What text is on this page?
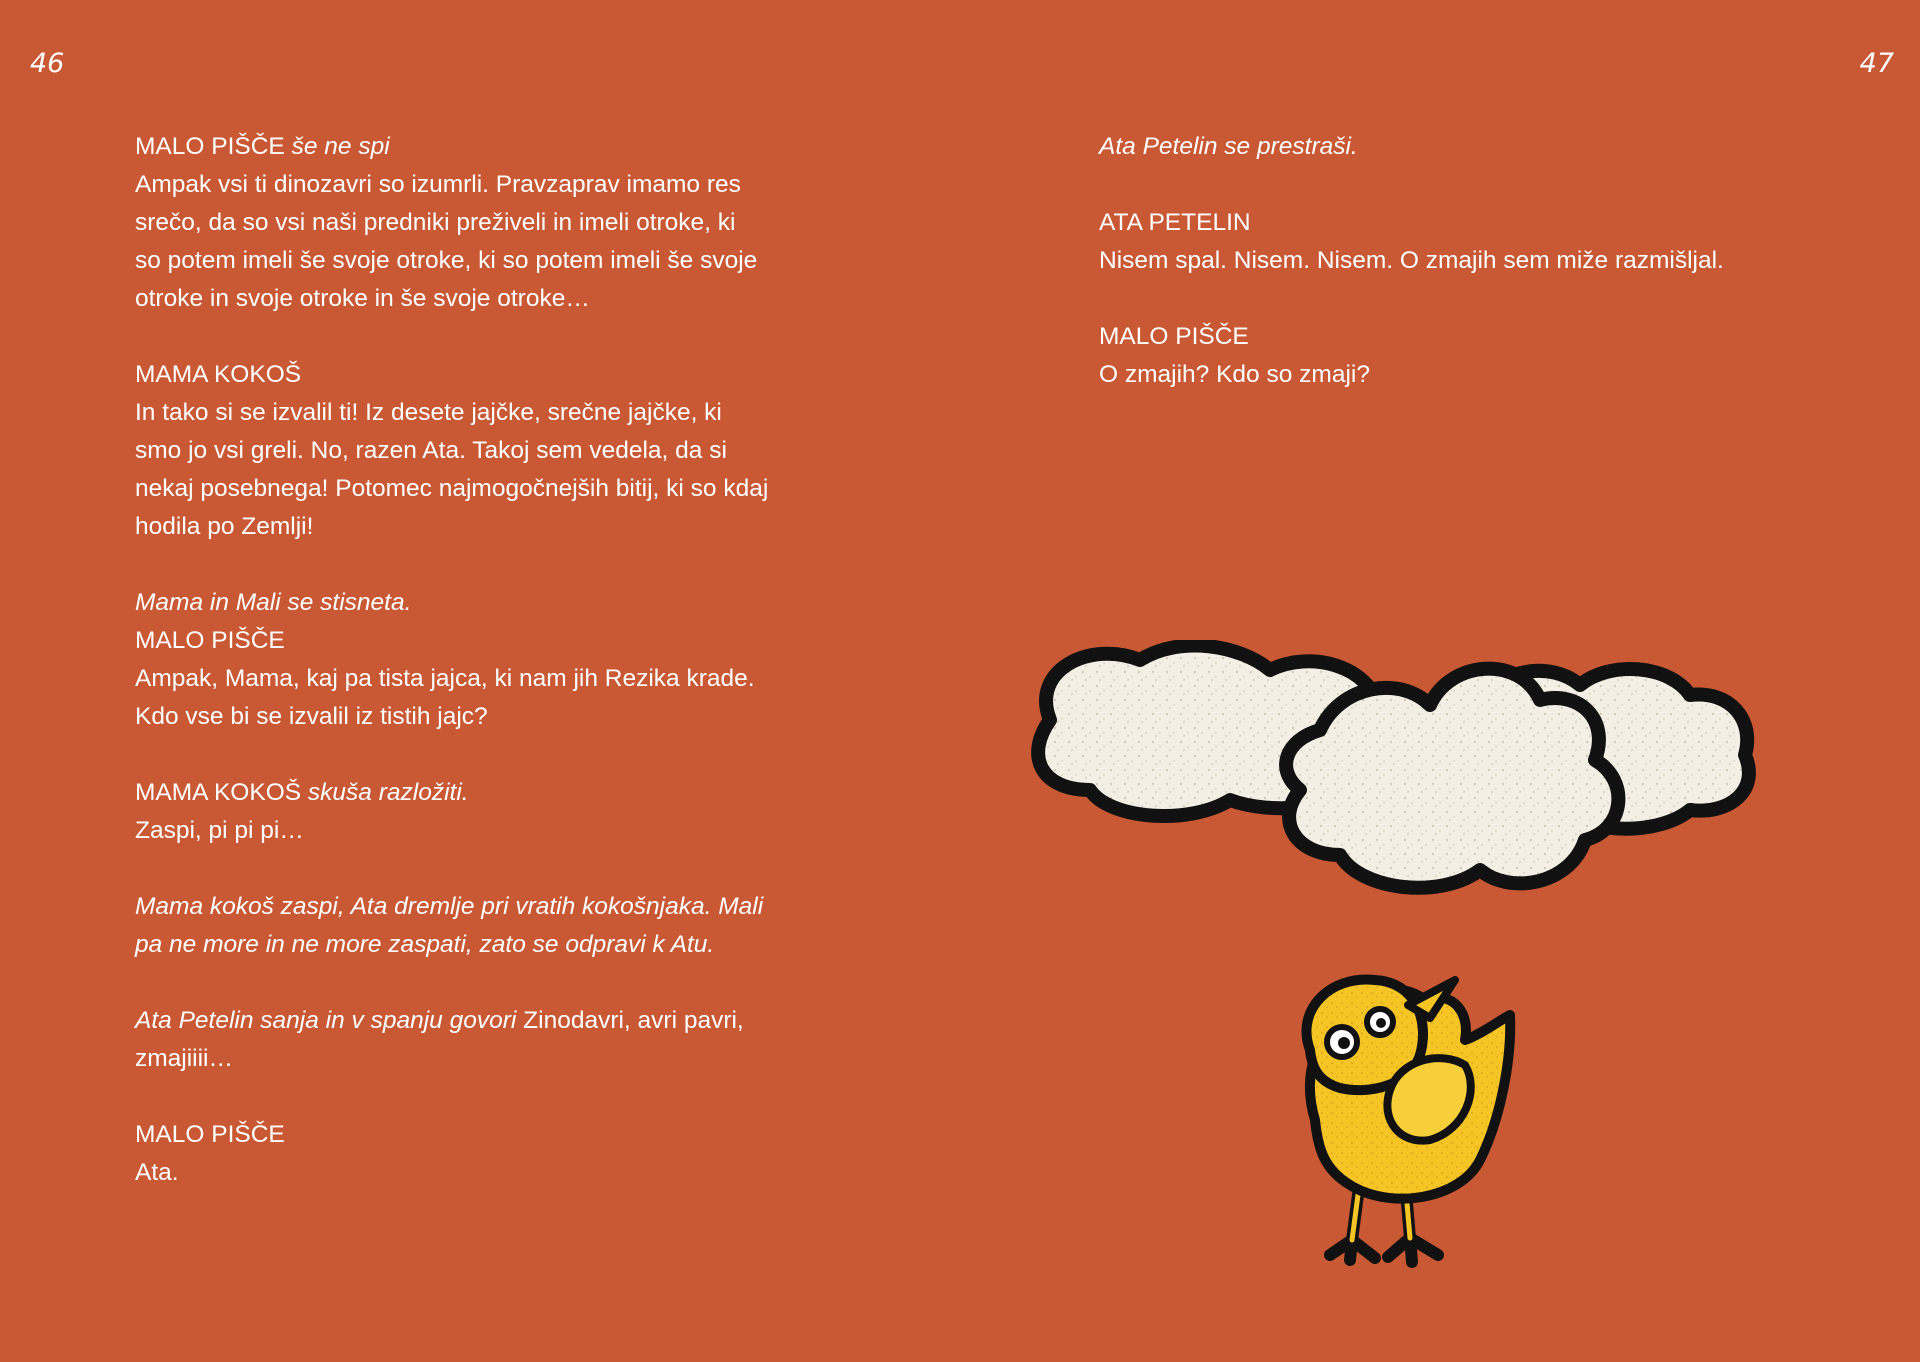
46	47
MALO PIŠČE še ne spi
Ampak vsi ti dinozavri so izumrli. Pravzaprav imamo res
srečo, da so vsi naši predniki preživeli in imeli otroke, ki
so potem imeli še svoje otroke, ki so potem imeli še svoje
otroke in svoje otroke in še svoje otroke…
MAMA KOKOŠ
In tako si se izvalil ti! Iz desete jajčke, srečne jajčke, ki
smo jo vsi greli. No, razen Ata. Takoj sem vedela, da si
nekaj posebnega! Potomec najmogočnejših bitij, ki so kdaj
hodila po Zemlji!
Mama in Mali se stisneta.
MALO PIŠČE
Ampak, Mama, kaj pa tista jajca, ki nam jih Rezika krade.
Kdo vse bi se izvalil iz tistih jajc?
MAMA KOKOŠ skuša razložiti.
Zaspi, pi pi pi…
Mama kokoš zaspi, Ata dremlje pri vratih kokošnjaka. Mali
pa ne more in ne more zaspati, zato se odpravi k Atu.
Ata Petelin sanja in v spanju govori Zinodavri, avri pavri,
zmajiiii…
MALO PIŠČE
Ata.
Ata Petelin se prestraši.
ATA PETELIN
Nisem spal. Nisem. Nisem. O zmajih sem miže razmišljal.
MALO PIŠČE
O zmajih? Kdo so zmaji?
